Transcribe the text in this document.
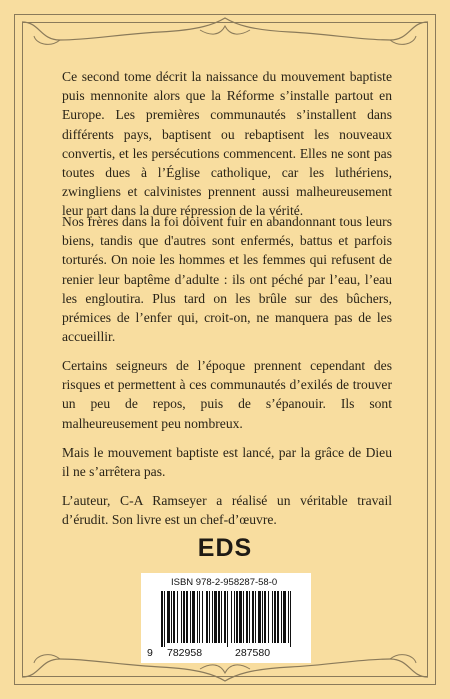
Ce second tome décrit la naissance du mouvement baptiste puis mennonite alors que la Réforme s’installe partout en Europe. Les premières communautés s’installent dans différents pays, baptisent ou rebaptisent les nouveaux convertis, et les persécutions commencent. Elles ne sont pas toutes dues à l’Église catholique, car les luthériens, zwingliens et calvinistes prennent aussi malheureusement leur part dans la dure répression de la vérité.

Nos frères dans la foi doivent fuir en abandonnant tous leurs biens, tandis que d'autres sont enfermés, battus et parfois torturés. On noie les hommes et les femmes qui refusent de renier leur baptême d’adulte : ils ont péché par l’eau, l’eau les engloutira. Plus tard on les brûle sur des bûchers, prémices de l’enfer qui, croit-on, ne manquera pas de les accueillir.

Certains seigneurs de l’époque prennent cependant des risques et permettent à ces communautés d’exilés de trouver un peu de repos, puis de s’épanouir. Ils sont malheureusement peu nombreux.

Mais le mouvement baptiste est lancé, par la grâce de Dieu il ne s’arrêtera pas.

L’auteur, C-A Ramseyer a réalisé un véritable travail d’érudit. Son livre est un chef-d’œuvre.

EDS
ISBN 978-2-958287-58-0
9 782958	287580
